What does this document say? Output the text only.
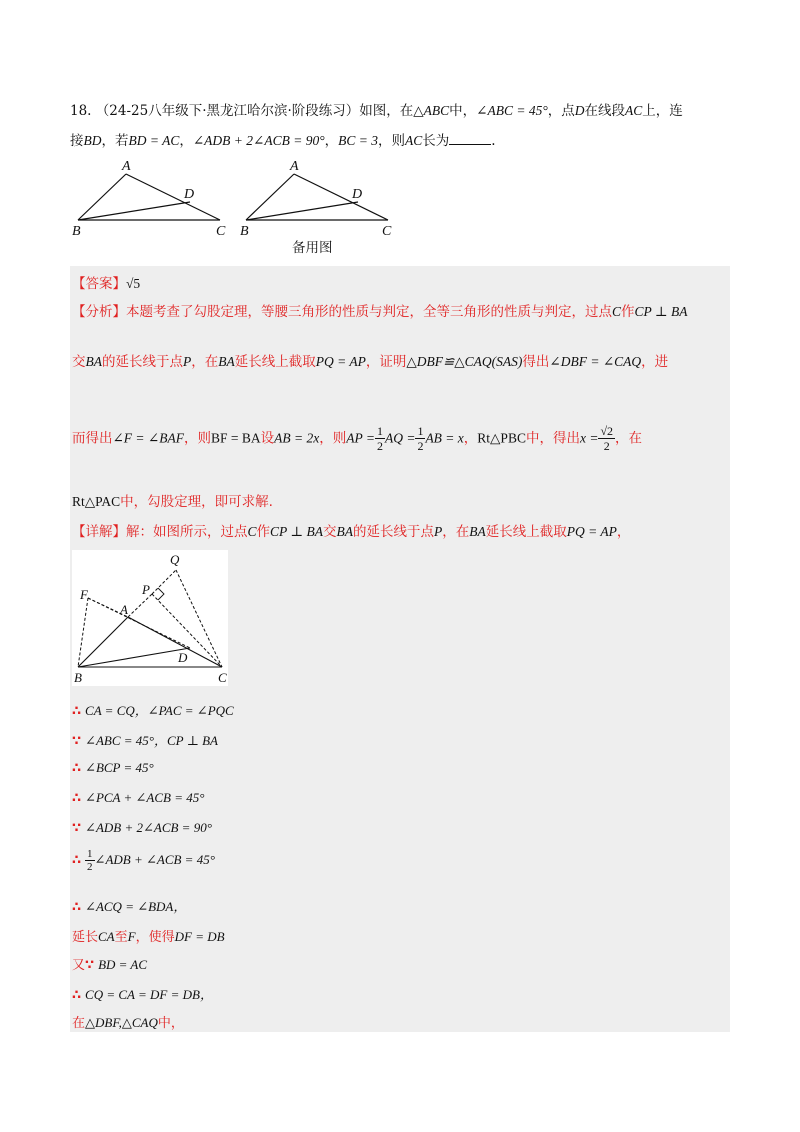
18. （24-25八年级下·黑龙江哈尔滨·阶段练习）如图，在△ABC中，∠ABC = 45°，点D在线段AC上，连
接BD，若BD = AC，∠ADB + 2∠ACB = 90°，BC = 3，则AC长为	.
A
B	C
D
A
B	C
D
备用图
【答案】√5
【分析】本题考查了勾股定理，等腰三角形的性质与判定，全等三角形的性质与判定，过点C作CP ⊥ BA
交BA的延长线于点P，在BA延长线上截取PQ = AP，证明△DBF≌△CAQ(SAS)得出∠DBF = ∠CAQ，进
而得出∠F = ∠BAF，则BF = BA设AB = 2x，则AP = $\frac{1}{2}$ AQ = $\frac{1}{2}$ AB = x，Rt△PBC中，得出$x = \frac{√2}{2}$ ，在
Rt△PAC中，勾股定理，即可求解.
【详解】解：如图所示，过点C作CP ⊥ BA交BA的延长线于点P，在BA延长线上截取PQ = AP，
Q
F	P
A
D
B	C
∴ CA = CQ，∠PAC = ∠PQC
∵ ∠ABC = 45°，CP ⊥ BA
∴ ∠BCP = 45°
∴ ∠PCA + ∠ACB = 45°
∵ ∠ADB + 2∠ACB = 90°
∴ $\frac{1}{2}$ ∠ADB + ∠ACB = 45°
∴ ∠ACQ = ∠BDA，
延长CA至F，使得DF = DB
又∵ BD = AC
∴ CQ = CA = DF = DB，
在△DBF,△CAQ中，
